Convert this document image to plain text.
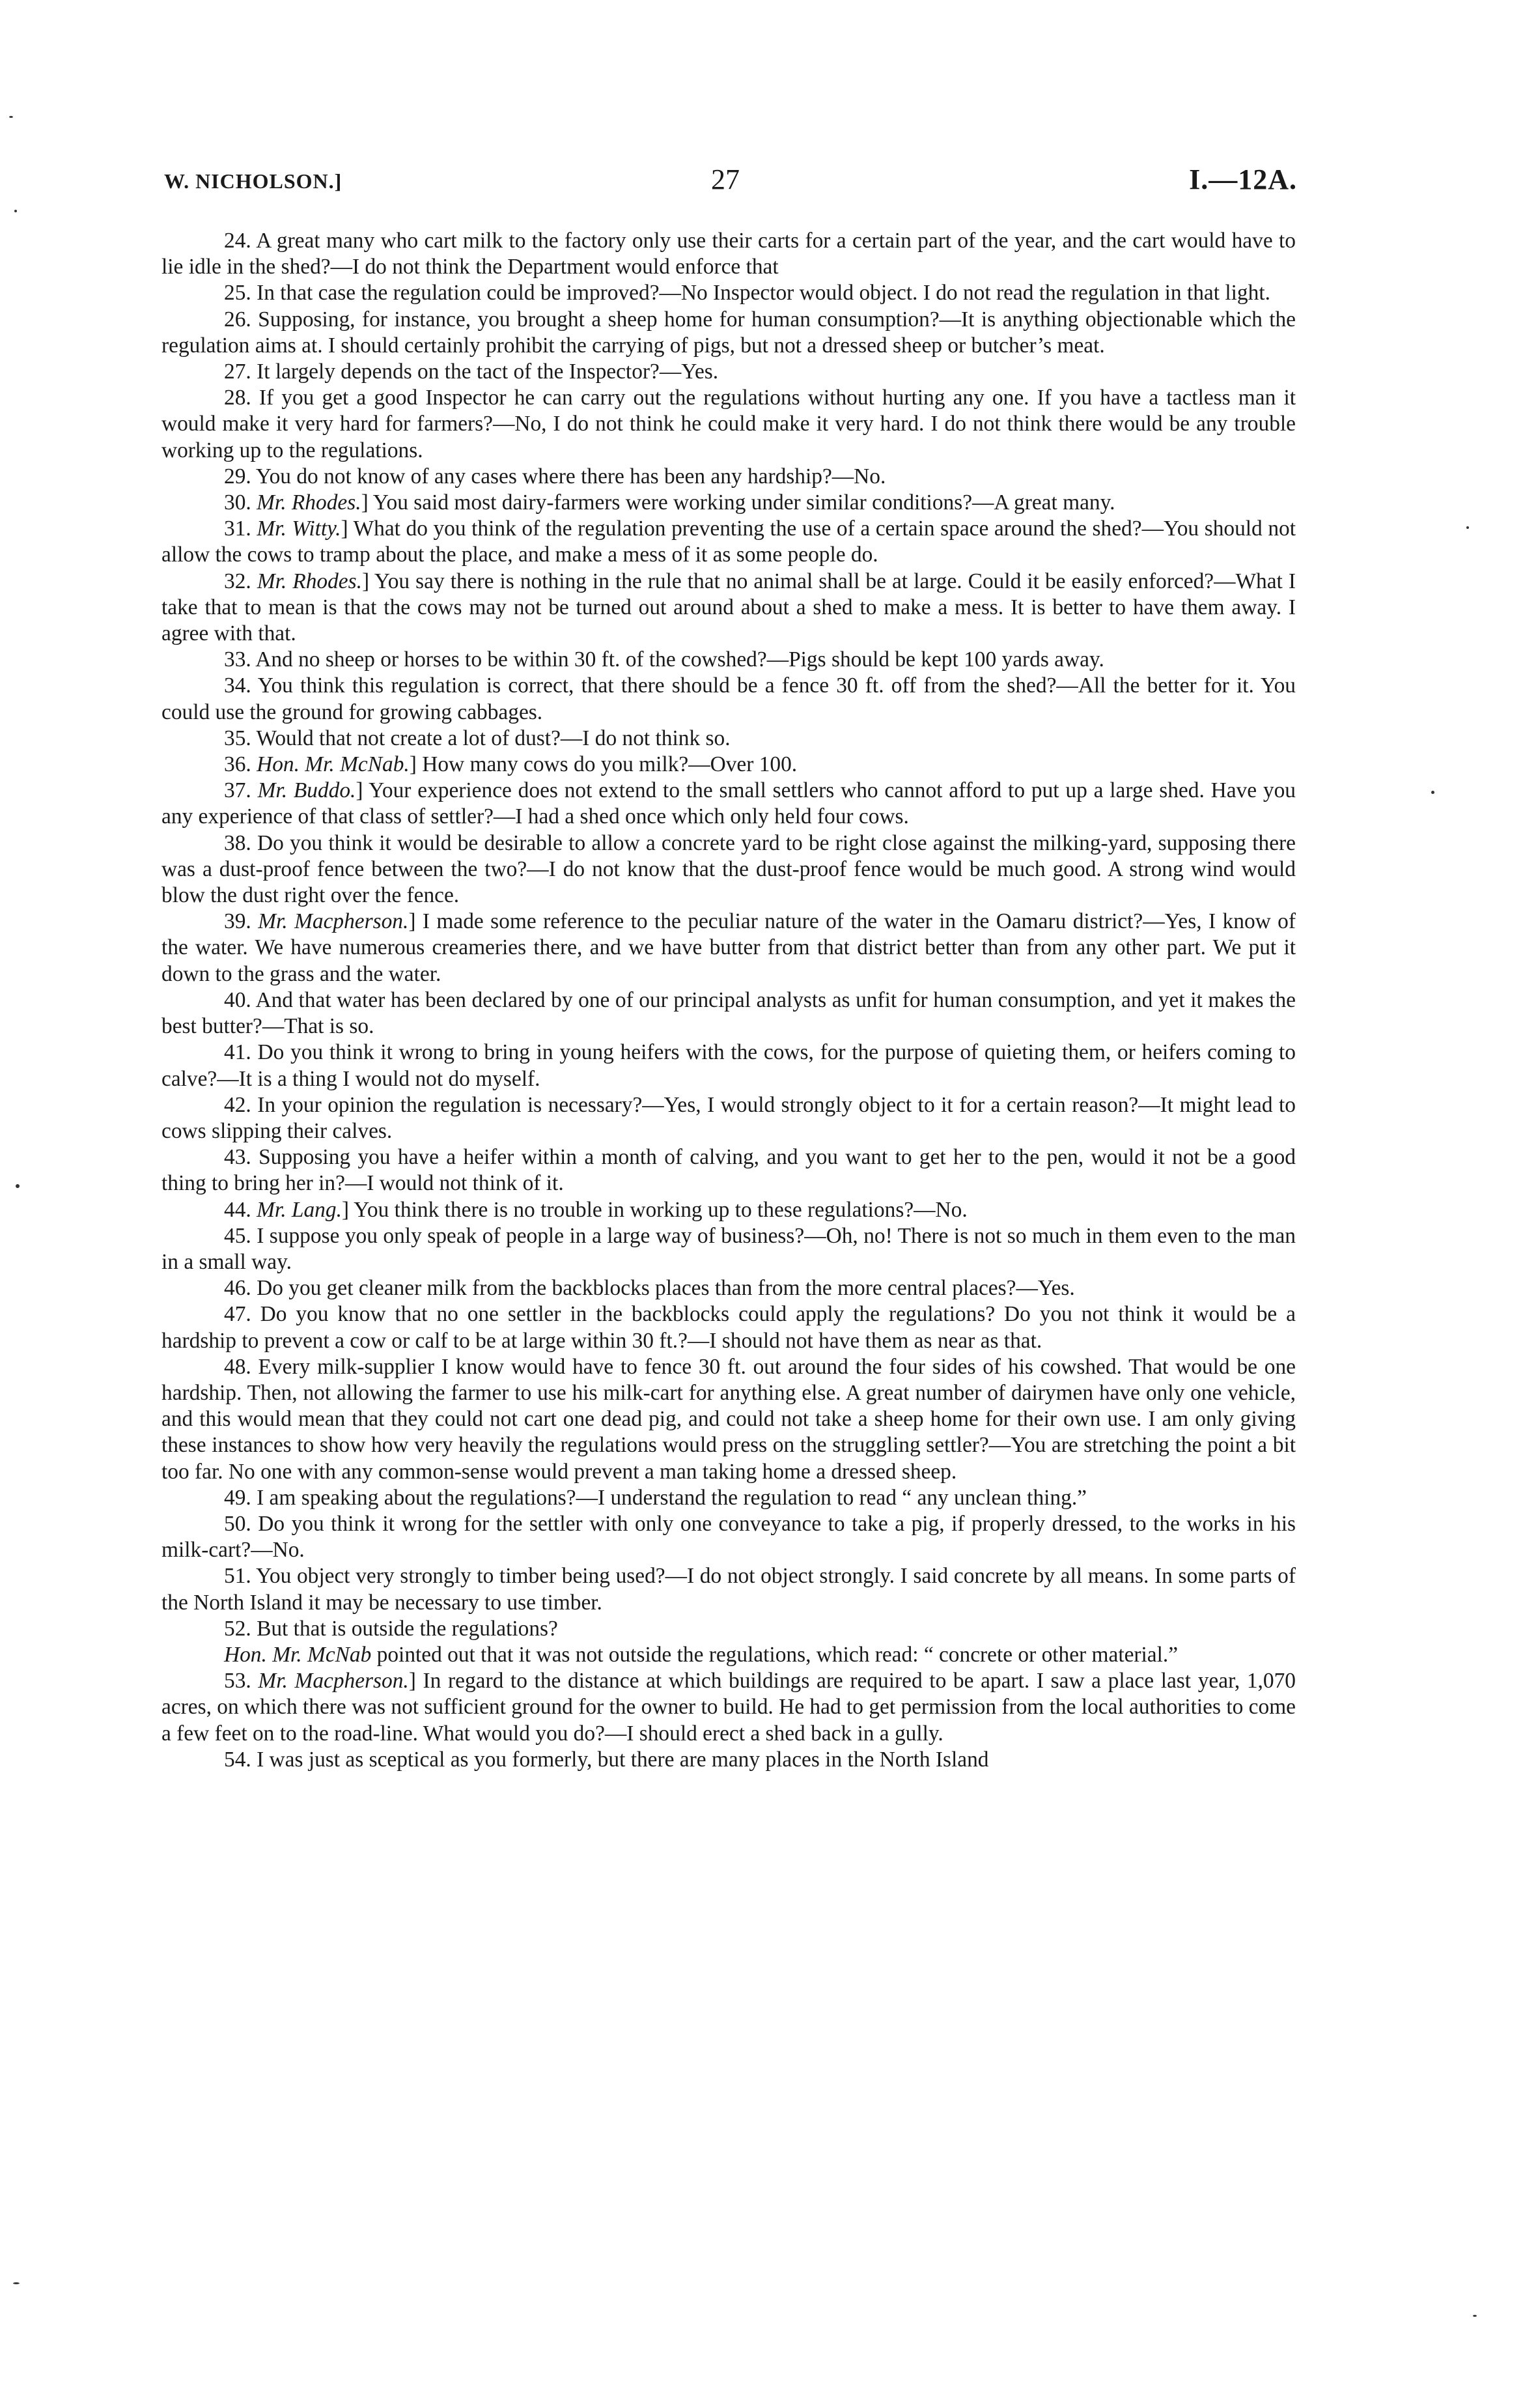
W. NICHOLSON.]	27	I.—12A.

24. A great many who cart milk to the factory only use their carts for a certain part of the year, and the cart would have to lie idle in the shed?—I do not think the Department would enforce that

25. In that case the regulation could be improved?—No Inspector would object. I do not read the regulation in that light.

26. Supposing, for instance, you brought a sheep home for human consumption?—It is anything objectionable which the regulation aims at. I should certainly prohibit the carrying of pigs, but not a dressed sheep or butcher’s meat.

27. It largely depends on the tact of the Inspector?—Yes.

28. If you get a good Inspector he can carry out the regulations without hurting any one. If you have a tactless man it would make it very hard for farmers?—No, I do not think he could make it very hard. I do not think there would be any trouble working up to the regulations.

29. You do not know of any cases where there has been any hardship?—No.

30. Mr. Rhodes.] You said most dairy-farmers were working under similar conditions?—A great many.

31. Mr. Witty.] What do you think of the regulation preventing the use of a certain space around the shed?—You should not allow the cows to tramp about the place, and make a mess of it as some people do.

32. Mr. Rhodes.] You say there is nothing in the rule that no animal shall be at large. Could it be easily enforced?—What I take that to mean is that the cows may not be turned out around about a shed to make a mess. It is better to have them away. I agree with that.

33. And no sheep or horses to be within 30 ft. of the cowshed?—Pigs should be kept 100 yards away.

34. You think this regulation is correct, that there should be a fence 30 ft. off from the shed?—All the better for it. You could use the ground for growing cabbages.

35. Would that not create a lot of dust?—I do not think so.

36. Hon. Mr. McNab.] How many cows do you milk?—Over 100.

37. Mr. Buddo.] Your experience does not extend to the small settlers who cannot afford to put up a large shed. Have you any experience of that class of settler?—I had a shed once which only held four cows.

38. Do you think it would be desirable to allow a concrete yard to be right close against the milking-yard, supposing there was a dust-proof fence between the two?—I do not know that the dust-proof fence would be much good. A strong wind would blow the dust right over the fence.

39. Mr. Macpherson.] I made some reference to the peculiar nature of the water in the Oamaru district?—Yes, I know of the water. We have numerous creameries there, and we have butter from that district better than from any other part. We put it down to the grass and the water.

40. And that water has been declared by one of our principal analysts as unfit for human consumption, and yet it makes the best butter?—That is so.

41. Do you think it wrong to bring in young heifers with the cows, for the purpose of quieting them, or heifers coming to calve?—It is a thing I would not do myself.

42. In your opinion the regulation is necessary?—Yes, I would strongly object to it for a certain reason?—It might lead to cows slipping their calves.

43. Supposing you have a heifer within a month of calving, and you want to get her to the pen, would it not be a good thing to bring her in?—I would not think of it.

44. Mr. Lang.] You think there is no trouble in working up to these regulations?—No.

45. I suppose you only speak of people in a large way of business?—Oh, no! There is not so much in them even to the man in a small way.

46. Do you get cleaner milk from the backblocks places than from the more central places?—Yes.

47. Do you know that no one settler in the backblocks could apply the regulations? Do you not think it would be a hardship to prevent a cow or calf to be at large within 30 ft.?—I should not have them as near as that.

48. Every milk-supplier I know would have to fence 30 ft. out around the four sides of his cowshed. That would be one hardship. Then, not allowing the farmer to use his milk-cart for anything else. A great number of dairymen have only one vehicle, and this would mean that they could not cart one dead pig, and could not take a sheep home for their own use. I am only giving these instances to show how very heavily the regulations would press on the struggling settler?—You are stretching the point a bit too far. No one with any common-sense would prevent a man taking home a dressed sheep.

49. I am speaking about the regulations?—I understand the regulation to read “ any unclean thing.”

50. Do you think it wrong for the settler with only one conveyance to take a pig, if properly dressed, to the works in his milk-cart?—No.

51. You object very strongly to timber being used?—I do not object strongly. I said concrete by all means. In some parts of the North Island it may be necessary to use timber.

52. But that is outside the regulations?

Hon. Mr. McNab pointed out that it was not outside the regulations, which read: “ concrete or other material.”

53. Mr. Macpherson.] In regard to the distance at which buildings are required to be apart. I saw a place last year, 1,070 acres, on which there was not sufficient ground for the owner to build. He had to get permission from the local authorities to come a few feet on to the road-line. What would you do?—I should erect a shed back in a gully.

54. I was just as sceptical as you formerly, but there are many places in the North Island
